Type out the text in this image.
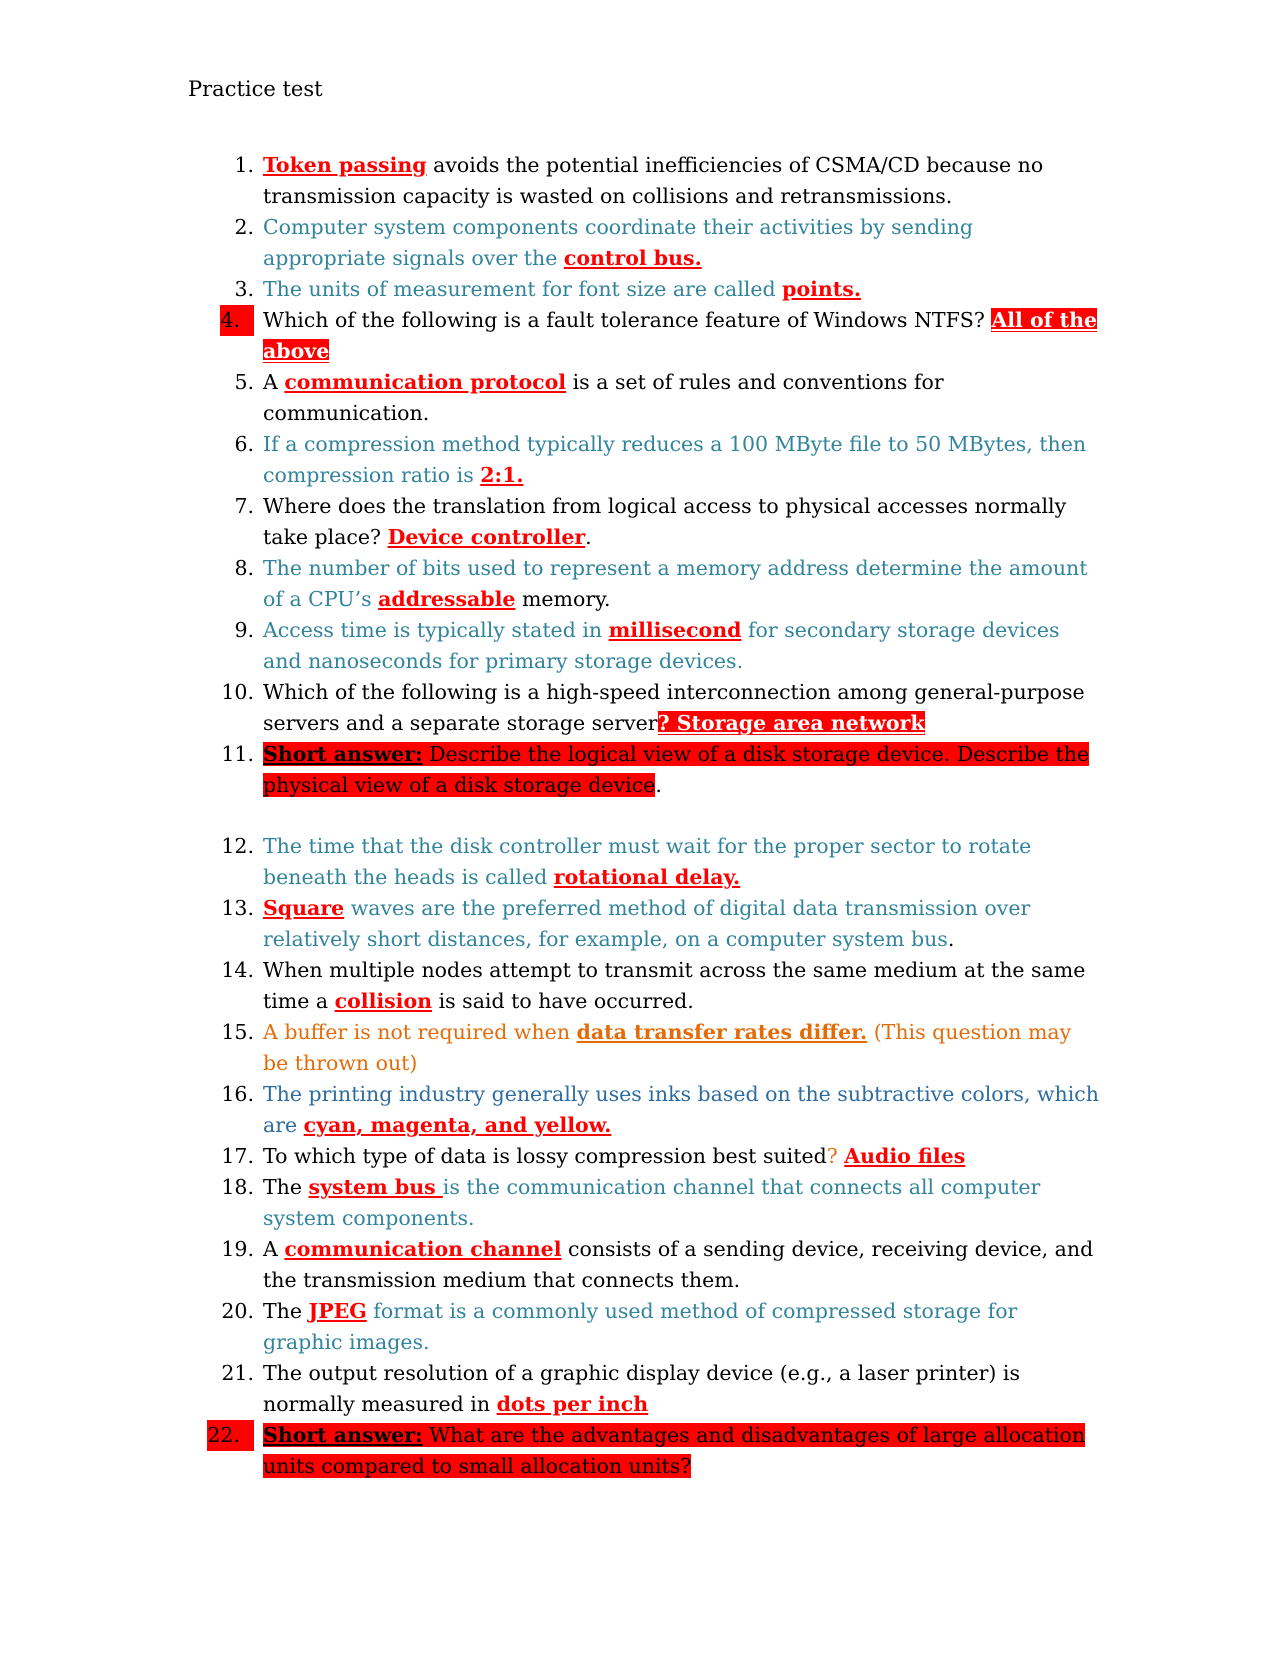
Practice test
1. Token passing avoids the potential inefficiencies of CSMA/CD because no transmission capacity is wasted on collisions and retransmissions.
2. Computer system components coordinate their activities by sending appropriate signals over the control bus.
3. The units of measurement for font size are called points.
4.	Which of the following is a fault tolerance feature of Windows NTFS? All of the above
5. A communication protocol is a set of rules and conventions for communication.
6. If a compression method typically reduces a 100 MByte file to 50 MBytes, then compression ratio is 2:1.
7. Where does the translation from logical access to physical accesses normally take place? Device controller.
8. The number of bits used to represent a memory address determine the amount of a CPU’s addressable memory.
9. Access time is typically stated in millisecond for secondary storage devices and nanoseconds for primary storage devices.
10. Which of the following is a high-speed interconnection among general-purpose servers and a separate storage server? Storage area network
11. Short answer: Describe the logical view of a disk storage device. Describe the physical view of a disk storage device.
12. The time that the disk controller must wait for the proper sector to rotate beneath the heads is called rotational delay.
13. Square waves are the preferred method of digital data transmission over relatively short distances, for example, on a computer system bus.
14. When multiple nodes attempt to transmit across the same medium at the same time a collision is said to have occurred.
15. A buffer is not required when data transfer rates differ. (This question may be thrown out)
16. The printing industry generally uses inks based on the subtractive colors, which are cyan, magenta, and yellow.
17. To which type of data is lossy compression best suited? Audio files
18. The system bus is the communication channel that connects all computer system components.
19. A communication channel consists of a sending device, receiving device, and the transmission medium that connects them.
20. The JPEG format is a commonly used method of compressed storage for graphic images.
21. The output resolution of a graphic display device (e.g., a laser printer) is normally measured in dots per inch
22.	Short answer: What are the advantages and disadvantages of large allocation units compared to small allocation units?
